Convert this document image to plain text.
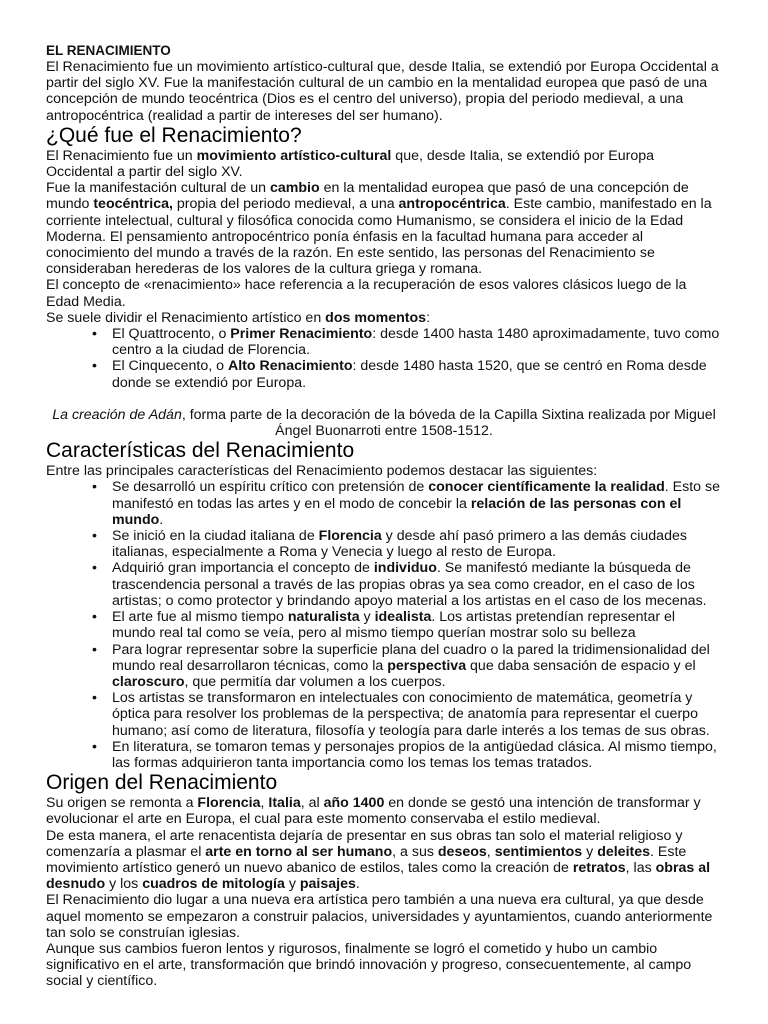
EL RENACIMIENTO

El Renacimiento fue un movimiento artístico-cultural que, desde Italia, se extendió por Europa Occidental a partir del siglo XV. Fue la manifestación cultural de un cambio en la mentalidad europea que pasó de una concepción de mundo teocéntrica (Dios es el centro del universo), propia del periodo medieval, a una antropocéntrica (realidad a partir de intereses del ser humano).

¿Qué fue el Renacimiento?

El Renacimiento fue un movimiento artístico-cultural que, desde Italia, se extendió por Europa Occidental a partir del siglo XV.

Fue la manifestación cultural de un cambio en la mentalidad europea que pasó de una concepción de mundo teocéntrica, propia del periodo medieval, a una antropocéntrica. Este cambio, manifestado en la corriente intelectual, cultural y filosófica conocida como Humanismo, se considera el inicio de la Edad Moderna. El pensamiento antropocéntrico ponía énfasis en la facultad humana para acceder al conocimiento del mundo a través de la razón. En este sentido, las personas del Renacimiento se consideraban herederas de los valores de la cultura griega y romana.

El concepto de «renacimiento» hace referencia a la recuperación de esos valores clásicos luego de la Edad Media.

Se suele dividir el Renacimiento artístico en dos momentos:

• El Quattrocento, o Primer Renacimiento: desde 1400 hasta 1480 aproximadamente, tuvo como centro a la ciudad de Florencia.
• El Cinquecento, o Alto Renacimiento: desde 1480 hasta 1520, que se centró en Roma desde donde se extendió por Europa.

La creación de Adán, forma parte de la decoración de la bóveda de la Capilla Sixtina realizada por Miguel Ángel Buonarroti entre 1508-1512.

Características del Renacimiento

Entre las principales características del Renacimiento podemos destacar las siguientes:

• Se desarrolló un espíritu crítico con pretensión de conocer científicamente la realidad. Esto se manifestó en todas las artes y en el modo de concebir la relación de las personas con el mundo.
• Se inició en la ciudad italiana de Florencia y desde ahí pasó primero a las demás ciudades italianas, especialmente a Roma y Venecia y luego al resto de Europa.
• Adquirió gran importancia el concepto de individuo. Se manifestó mediante la búsqueda de trascendencia personal a través de las propias obras ya sea como creador, en el caso de los artistas; o como protector y brindando apoyo material a los artistas en el caso de los mecenas.
• El arte fue al mismo tiempo naturalista y idealista. Los artistas pretendían representar el mundo real tal como se veía, pero al mismo tiempo querían mostrar solo su belleza
• Para lograr representar sobre la superficie plana del cuadro o la pared la tridimensionalidad del mundo real desarrollaron técnicas, como la perspectiva que daba sensación de espacio y el claroscuro, que permitía dar volumen a los cuerpos.
• Los artistas se transformaron en intelectuales con conocimiento de matemática, geometría y óptica para resolver los problemas de la perspectiva; de anatomía para representar el cuerpo humano; así como de literatura, filosofía y teología para darle interés a los temas de sus obras.
• En literatura, se tomaron temas y personajes propios de la antigüedad clásica. Al mismo tiempo, las formas adquirieron tanta importancia como los temas los temas tratados.
Origen del Renacimiento

Su origen se remonta a Florencia, Italia, al año 1400 en donde se gestó una intención de transformar y evolucionar el arte en Europa, el cual para este momento conservaba el estilo medieval.

De esta manera, el arte renacentista dejaría de presentar en sus obras tan solo el material religioso y comenzaría a plasmar el arte en torno al ser humano, a sus deseos, sentimientos y deleites. Este movimiento artístico generó un nuevo abanico de estilos, tales como la creación de retratos, las obras al desnudo y los cuadros de mitología y paisajes.

El Renacimiento dio lugar a una nueva era artística pero también a una nueva era cultural, ya que desde aquel momento se empezaron a construir palacios, universidades y ayuntamientos, cuando anteriormente tan solo se construían iglesias.

Aunque sus cambios fueron lentos y rigurosos, finalmente se logró el cometido y hubo un cambio significativo en el arte, transformación que brindó innovación y progreso, consecuentemente, al campo social y científico.
